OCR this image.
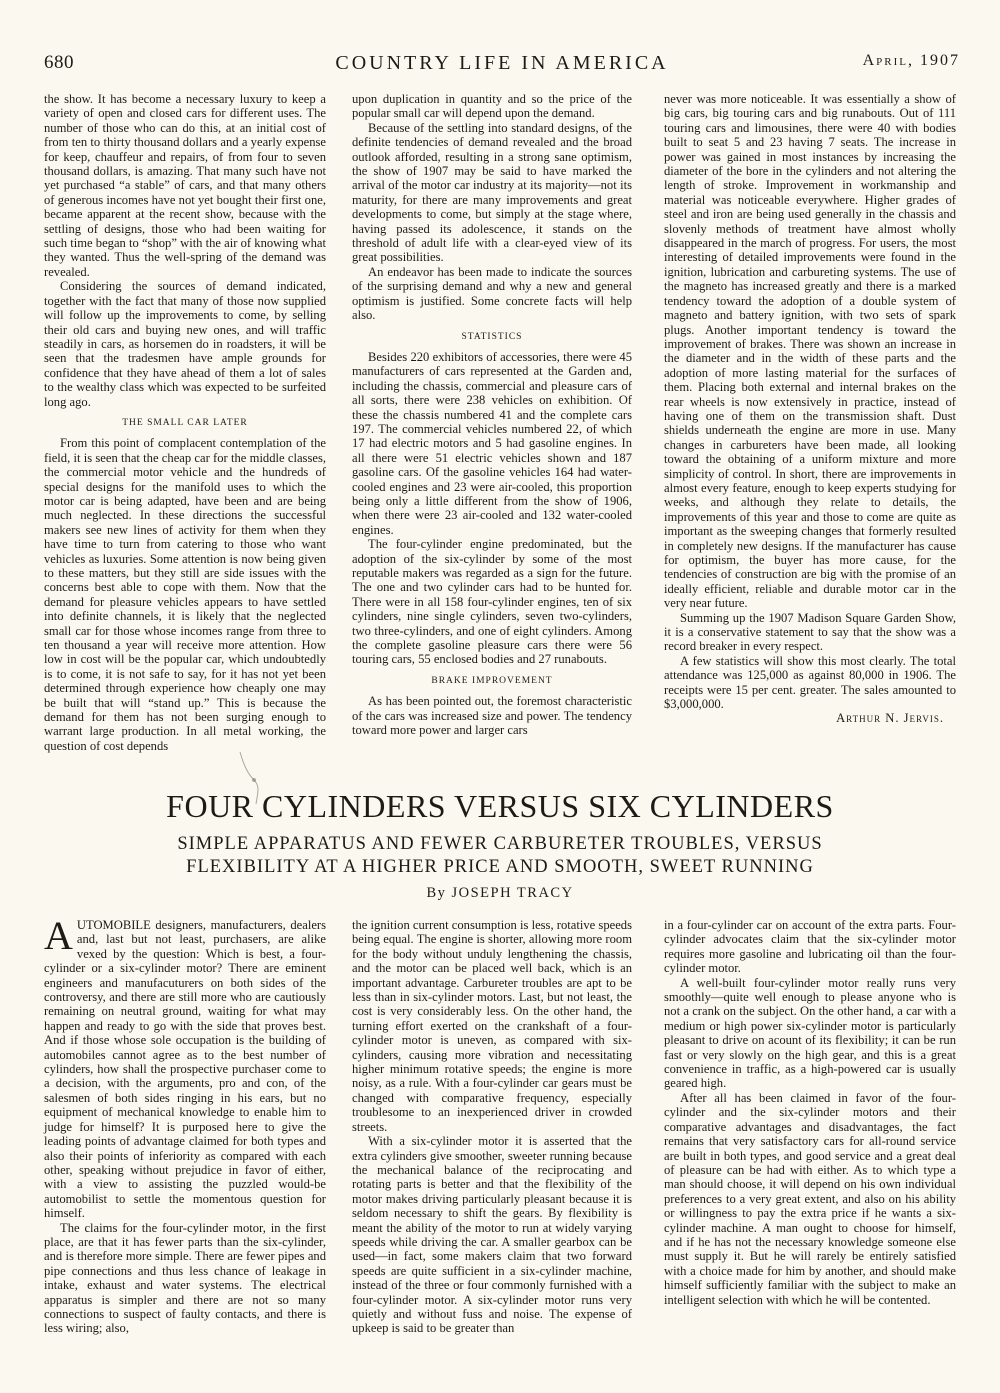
680	COUNTRY LIFE IN AMERICA	April, 1907

the show. It has become a necessary luxury to keep a variety of open and closed cars for different uses. The number of those who can do this, at an initial cost of from ten to thirty thousand dollars and a yearly expense for keep, chauffeur and repairs, of from four to seven thousand dollars, is amazing. That many such have not yet purchased “a stable” of cars, and that many others of generous incomes have not yet bought their first one, became apparent at the recent show, because with the settling of designs, those who had been waiting for such time began to “shop” with the air of knowing what they wanted. Thus the well-spring of the demand was revealed.

Considering the sources of demand indicated, together with the fact that many of those now supplied will follow up the improvements to come, by selling their old cars and buying new ones, and will traffic steadily in cars, as horsemen do in roadsters, it will be seen that the tradesmen have ample grounds for confidence that they have ahead of them a lot of sales to the wealthy class which was expected to be surfeited long ago.

THE SMALL CAR LATER

From this point of complacent contemplation of the field, it is seen that the cheap car for the middle classes, the commercial motor vehicle and the hundreds of special designs for the manifold uses to which the motor car is being adapted, have been and are being much neglected. In these directions the successful makers see new lines of activity for them when they have time to turn from catering to those who want vehicles as luxuries. Some attention is now being given to these matters, but they still are side issues with the concerns best able to cope with them. Now that the demand for pleasure vehicles appears to have settled into definite channels, it is likely that the neglected small car for those whose incomes range from three to ten thousand a year will receive more attention. How low in cost will be the popular car, which undoubtedly is to come, it is not safe to say, for it has not yet been determined through experience how cheaply one may be built that will “stand up.” This is because the demand for them has not been surging enough to warrant large production. In all metal working, the question of cost depends

upon duplication in quantity and so the price of the popular small car will depend upon the demand.

Because of the settling into standard designs, of the definite tendencies of demand revealed and the broad outlook afforded, resulting in a strong sane optimism, the show of 1907 may be said to have marked the arrival of the motor car industry at its majority—not its maturity, for there are many improvements and great developments to come, but simply at the stage where, having passed its adolescence, it stands on the threshold of adult life with a clear-eyed view of its great possibilities.

An endeavor has been made to indicate the sources of the surprising demand and why a new and general optimism is justified. Some concrete facts will help also.

STATISTICS

Besides 220 exhibitors of accessories, there were 45 manufacturers of cars represented at the Garden and, including the chassis, commercial and pleasure cars of all sorts, there were 238 vehicles on exhibition. Of these the chassis numbered 41 and the complete cars 197. The commercial vehicles numbered 22, of which 17 had electric motors and 5 had gasoline engines. In all there were 51 electric vehicles shown and 187 gasoline cars. Of the gasoline vehicles 164 had water-cooled engines and 23 were air-cooled, this proportion being only a little different from the show of 1906, when there were 23 air-cooled and 132 water-cooled engines.

The four-cylinder engine predominated, but the adoption of the six-cylinder by some of the most reputable makers was regarded as a sign for the future. The one and two cylinder cars had to be hunted for. There were in all 158 four-cylinder engines, ten of six cylinders, nine single cylinders, seven two-cylinders, two three-cylinders, and one of eight cylinders. Among the complete gasoline pleasure cars there were 56 touring cars, 55 enclosed bodies and 27 runabouts.

BRAKE IMPROVEMENT

As has been pointed out, the foremost characteristic of the cars was increased size and power. The tendency toward more power and larger cars

never was more noticeable. It was essentially a show of big cars, big touring cars and big runabouts. Out of 111 touring cars and limousines, there were 40 with bodies built to seat 5 and 23 having 7 seats. The increase in power was gained in most instances by increasing the diameter of the bore in the cylinders and not altering the length of stroke. Improvement in workmanship and material was noticeable everywhere. Higher grades of steel and iron are being used generally in the chassis and slovenly methods of treatment have almost wholly disappeared in the march of progress. For users, the most interesting of detailed improvements were found in the ignition, lubrication and carbureting systems. The use of the magneto has increased greatly and there is a marked tendency toward the adoption of a double system of magneto and battery ignition, with two sets of spark plugs. Another important tendency is toward the improvement of brakes. There was shown an increase in the diameter and in the width of these parts and the adoption of more lasting material for the surfaces of them. Placing both external and internal brakes on the rear wheels is now extensively in practice, instead of having one of them on the transmission shaft. Dust shields underneath the engine are more in use. Many changes in carbureters have been made, all looking toward the obtaining of a uniform mixture and more simplicity of control. In short, there are improvements in almost every feature, enough to keep experts studying for weeks, and although they relate to details, the improvements of this year and those to come are quite as important as the sweeping changes that formerly resulted in completely new designs. If the manufacturer has cause for optimism, the buyer has more cause, for the tendencies of construction are big with the promise of an ideally efficient, reliable and durable motor car in the very near future.

Summing up the 1907 Madison Square Garden Show, it is a conservative statement to say that the show was a record breaker in every respect.

A few statistics will show this most clearly. The total attendance was 125,000 as against 80,000 in 1906. The receipts were 15 per cent. greater. The sales amounted to $3,000,000.

Arthur N. Jervis.

FOUR CYLINDERS VERSUS SIX CYLINDERS
SIMPLE APPARATUS AND FEWER CARBURETER TROUBLES, VERSUS
FLEXIBILITY AT A HIGHER PRICE AND SMOOTH, SWEET RUNNING
By JOSEPH TRACY

AUTOMOBILE designers, manufacturers, dealers and, last but not least, purchasers, are alike vexed by the question: Which is best, a four-cylinder or a six-cylinder motor? There are eminent engineers and manufacuturers on both sides of the controversy, and there are still more who are cautiously remaining on neutral ground, waiting for what may happen and ready to go with the side that proves best. And if those whose sole occupation is the building of automobiles cannot agree as to the best number of cylinders, how shall the prospective purchaser come to a decision, with the arguments, pro and con, of the salesmen of both sides ringing in his ears, but no equipment of mechanical knowledge to enable him to judge for himself? It is purposed here to give the leading points of advantage claimed for both types and also their points of inferiority as compared with each other, speaking without prejudice in favor of either, with a view to assisting the puzzled would-be automobilist to settle the momentous question for himself.

The claims for the four-cylinder motor, in the first place, are that it has fewer parts than the six-cylinder, and is therefore more simple. There are fewer pipes and pipe connections and thus less chance of leakage in intake, exhaust and water systems. The electrical apparatus is simpler and there are not so many connections to suspect of faulty contacts, and there is less wiring; also,

the ignition current consumption is less, rotative speeds being equal. The engine is shorter, allowing more room for the body without unduly lengthening the chassis, and the motor can be placed well back, which is an important advantage. Carbureter troubles are apt to be less than in six-cylinder motors. Last, but not least, the cost is very considerably less. On the other hand, the turning effort exerted on the crankshaft of a four-cylinder motor is uneven, as compared with six-cylinders, causing more vibration and necessitating higher minimum rotative speeds; the engine is more noisy, as a rule. With a four-cylinder car gears must be changed with comparative frequency, especially troublesome to an inexperienced driver in crowded streets.

With a six-cylinder motor it is asserted that the extra cylinders give smoother, sweeter running because the mechanical balance of the reciprocating and rotating parts is better and that the flexibility of the motor makes driving particularly pleasant because it is seldom necessary to shift the gears. By flexibility is meant the ability of the motor to run at widely varying speeds while driving the car. A smaller gearbox can be used—in fact, some makers claim that two forward speeds are quite sufficient in a six-cylinder machine, instead of the three or four commonly furnished with a four-cylinder motor. A six-cylinder motor runs very quietly and without fuss and noise. The expense of upkeep is said to be greater than

in a four-cylinder car on account of the extra parts. Four-cylinder advocates claim that the six-cylinder motor requires more gasoline and lubricating oil than the four-cylinder motor.

A well-built four-cylinder motor really runs very smoothly—quite well enough to please anyone who is not a crank on the subject. On the other hand, a car with a medium or high power six-cylinder motor is particularly pleasant to drive on acount of its flexibility; it can be run fast or very slowly on the high gear, and this is a great convenience in traffic, as a high-powered car is usually geared high.

After all has been claimed in favor of the four-cylinder and the six-cylinder motors and their comparative advantages and disadvantages, the fact remains that very satisfactory cars for all-round service are built in both types, and good service and a great deal of pleasure can be had with either. As to which type a man should choose, it will depend on his own individual preferences to a very great extent, and also on his ability or willingness to pay the extra price if he wants a six-cylinder machine. A man ought to choose for himself, and if he has not the necessary knowledge someone else must supply it. But he will rarely be entirely satisfied with a choice made for him by another, and should make himself sufficiently familiar with the subject to make an intelligent selection with which he will be contented.
